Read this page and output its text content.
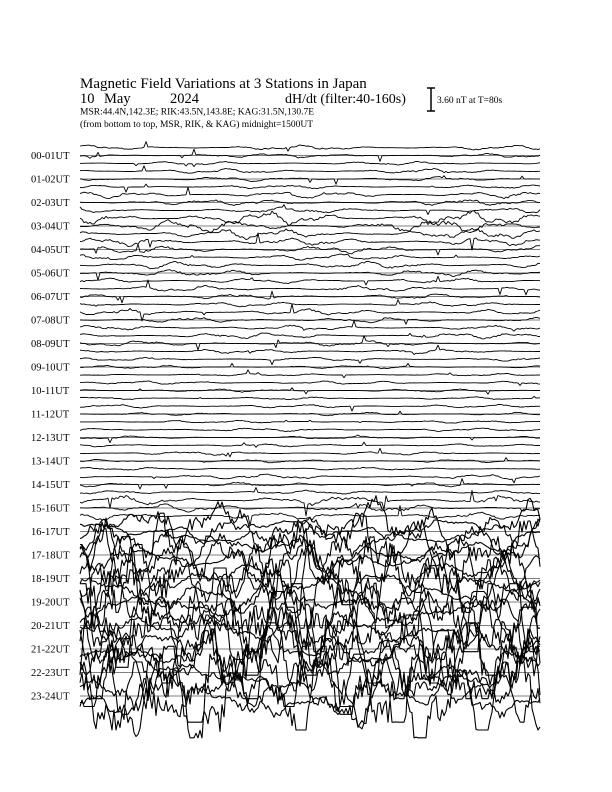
Magnetic Field Variations at 3 Stations in Japan
10 May	2024	dH/dt (filter:40-160s)
MSR:44.4N,142.3E; RIK:43.5N,143.8E; KAG:31.5N,130.7E
(from bottom to top, MSR, RIK, & KAG) midnight=1500UT
3.60 nT at T=80s
00-01UT
01-02UT
02-03UT
03-04UT
04-05UT
05-06UT
06-07UT
07-08UT
08-09UT
09-10UT
10-11UT
11-12UT
12-13UT
13-14UT
14-15UT
15-16UT
16-17UT
17-18UT
18-19UT
19-20UT
20-21UT
21-22UT
22-23UT
23-24UT
